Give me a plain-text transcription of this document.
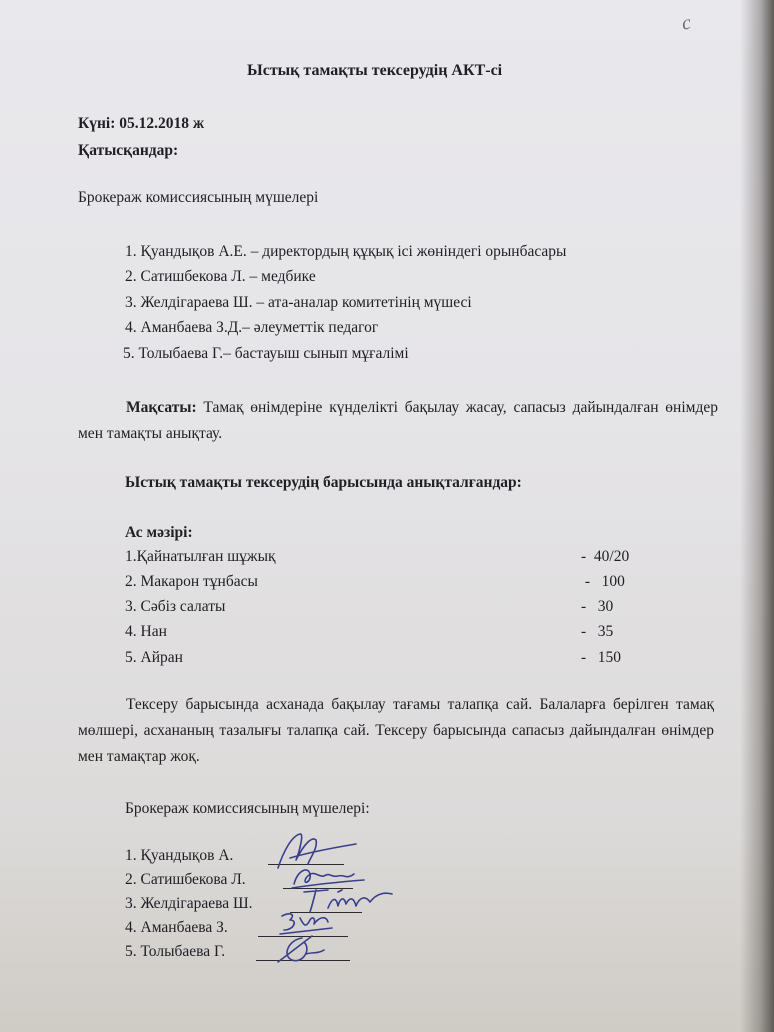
с
Ыстық тамақты тексерудің АКТ-сі
Күні: 05.12.2018 ж
Қатысқандар:
Брокераж комиссиясының мүшелері
1. Қуандықов А.Е. – директордың құқық ісі жөніндегі орынбасары
2. Сатишбекова Л. – медбике
3. Желдігараева Ш. – ата-аналар комитетінің мүшесі
4. Аманбаева З.Д.– әлеуметтік педагог
5. Толыбаева Г.– бастауыш сынып мұғалімі
Мақсаты: Тамақ өнімдеріне күнделікті бақылау жасау, сапасыз дайындалған өнімдер мен тамақты анықтау.
Ыстық тамақты тексерудің барысында анықталғандар:
Ас мәзірі:
1.Қайнатылған шұжық	-  40/20
2. Макарон тұнбасы	-   100
3. Сәбіз салаты	-   30
4. Нан	-   35
5. Айран	-   150
Тексеру барысында асханада бақылау тағамы талапқа сай. Балаларға берілген тамақ мөлшері, асхананың тазалығы талапқа сай. Тексеру барысында сапасыз дайындалған өнімдер мен тамақтар жоқ.
Брокераж комиссиясының мүшелері:
1. Қуандықов А.
2. Сатишбекова Л.
3. Желдігараева Ш.
4. Аманбаева З.
5. Толыбаева Г.
